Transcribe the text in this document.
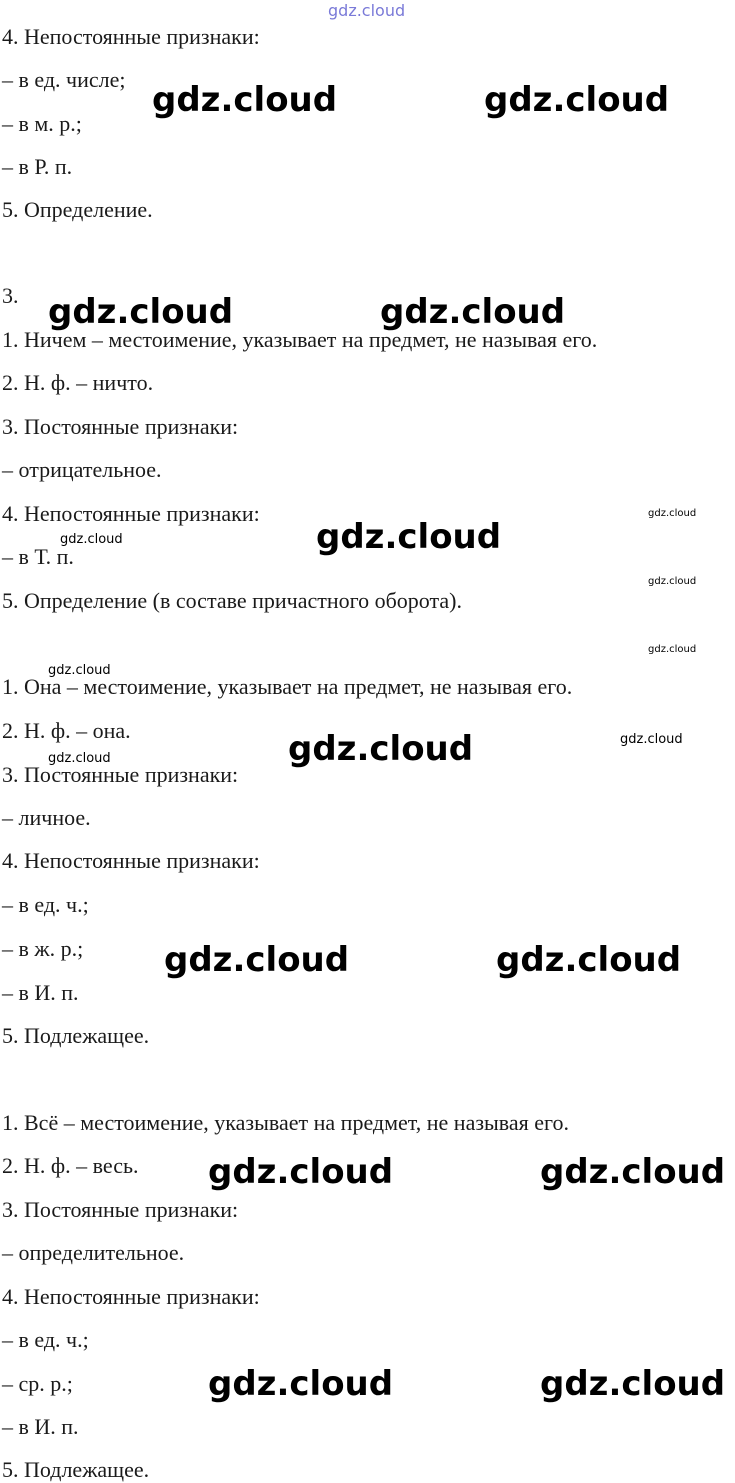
4. Непостоянные признаки:
– в ед. числе;
– в м. р.;
– в Р. п.
5. Определение.
3.
1. Ничем – местоимение, указывает на предмет, не называя его.
2. Н. ф. – ничто.
3. Постоянные признаки:
– отрицательное.
4. Непостоянные признаки:
– в Т. п.
5. Определение (в составе причастного оборота).
1. Она – местоимение, указывает на предмет, не называя его.
2. Н. ф. – она.
3. Постоянные признаки:
– личное.
4. Непостоянные признаки:
– в ед. ч.;
– в ж. р.;
– в И. п.
5. Подлежащее.
1. Всё – местоимение, указывает на предмет, не называя его.
2. Н. ф. – весь.
3. Постоянные признаки:
– определительное.
4. Непостоянные признаки:
– в ед. ч.;
– ср. р.;
– в И. п.
5. Подлежащее.
gdz.cloud
gdz.cloud	gdz.cloud
gdz.cloud	gdz.cloud
gdz.cloud
gdz.cloud	gdz.cloud
gdz.cloud
gdz.cloud
gdz.cloud
gdz.cloud	gdz.cloud
gdz.cloud
gdz.cloud	gdz.cloud
gdz.cloud	gdz.cloud
gdz.cloud	gdz.cloud
